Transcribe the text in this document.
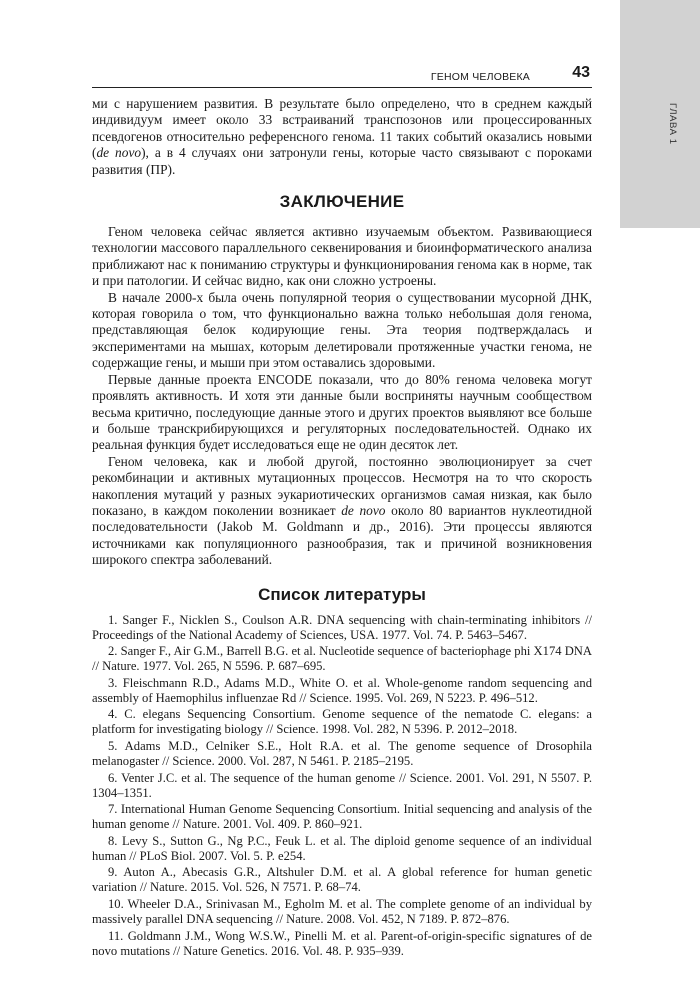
ГЛАВА 1
ГЕНОМ ЧЕЛОВЕКА	43

ми с нарушением развития. В результате было определено, что в среднем каждый индивидуум имеет около 33 встраиваний транспозонов или процессированных псевдогенов относительно референсного генома. 11 таких событий оказались новыми (de novo), а в 4 случаях они затронули гены, которые часто связывают с пороками развития (ПР).

ЗАКЛЮЧЕНИЕ

Геном человека сейчас является активно изучаемым объектом. Развивающиеся технологии массового параллельного секвенирования и биоинформатического анализа приближают нас к пониманию структуры и функционирования генома как в норме, так и при патологии. И сейчас видно, как они сложно устроены.

В начале 2000-х была очень популярной теория о существовании мусорной ДНК, которая говорила о том, что функционально важна только небольшая доля генома, представляющая белок кодирующие гены. Эта теория подтверждалась и экспериментами на мышах, которым делетировали протяженные участки генома, не содержащие гены, и мыши при этом оставались здоровыми.

Первые данные проекта ENCODE показали, что до 80% генома человека могут проявлять активность. И хотя эти данные были восприняты научным сообществом весьма критично, последующие данные этого и других проектов выявляют все больше и больше транскрибирующихся и регуляторных последовательностей. Однако их реальная функция будет исследоваться еще не один десяток лет.

Геном человека, как и любой другой, постоянно эволюционирует за счет рекомбинации и активных мутационных процессов. Несмотря на то что скорость накопления мутаций у разных эукариотических организмов самая низкая, как было показано, в каждом поколении возникает de novo около 80 вариантов нуклеотидной последовательности (Jakob M. Goldmann и др., 2016). Эти процессы являются источниками как популяционного разнообразия, так и причиной возникновения широкого спектра заболеваний.

Список литературы
1. Sanger F., Nicklen S., Coulson A.R. DNA sequencing with chain-terminating inhibitors // Proceedings of the National Academy of Sciences, USA. 1977. Vol. 74. P. 5463–5467.
2. Sanger F., Air G.M., Barrell B.G. et al. Nucleotide sequence of bacteriophage phi X174 DNA // Nature. 1977. Vol. 265, N 5596. P. 687–695.
3. Fleischmann R.D., Adams M.D., White O. et al. Whole-genome random sequencing and assembly of Haemophilus influenzae Rd // Science. 1995. Vol. 269, N 5223. P. 496–512.
4. C. elegans Sequencing Consortium. Genome sequence of the nematode C. elegans: a platform for investigating biology // Science. 1998. Vol. 282, N 5396. P. 2012–2018.
5. Adams M.D., Celniker S.E., Holt R.A. et al. The genome sequence of Drosophila melanogaster // Science. 2000. Vol. 287, N 5461. P. 2185–2195.
6. Venter J.C. et al. The sequence of the human genome // Science. 2001. Vol. 291, N 5507. P. 1304–1351.
7. International Human Genome Sequencing Consortium. Initial sequencing and analysis of the human genome // Nature. 2001. Vol. 409. P. 860–921.
8. Levy S., Sutton G., Ng P.C., Feuk L. et al. The diploid genome sequence of an individual human // PLoS Biol. 2007. Vol. 5. P. e254.
9. Auton A., Abecasis G.R., Altshuler D.M. et al. A global reference for human genetic variation // Nature. 2015. Vol. 526, N 7571. P. 68–74.
10. Wheeler D.A., Srinivasan M., Egholm M. et al. The complete genome of an individual by massively parallel DNA sequencing // Nature. 2008. Vol. 452, N 7189. P. 872–876.
11. Goldmann J.M., Wong W.S.W., Pinelli M. et al. Parent-of-origin-specific signatures of de novo mutations // Nature Genetics. 2016. Vol. 48. P. 935–939.
